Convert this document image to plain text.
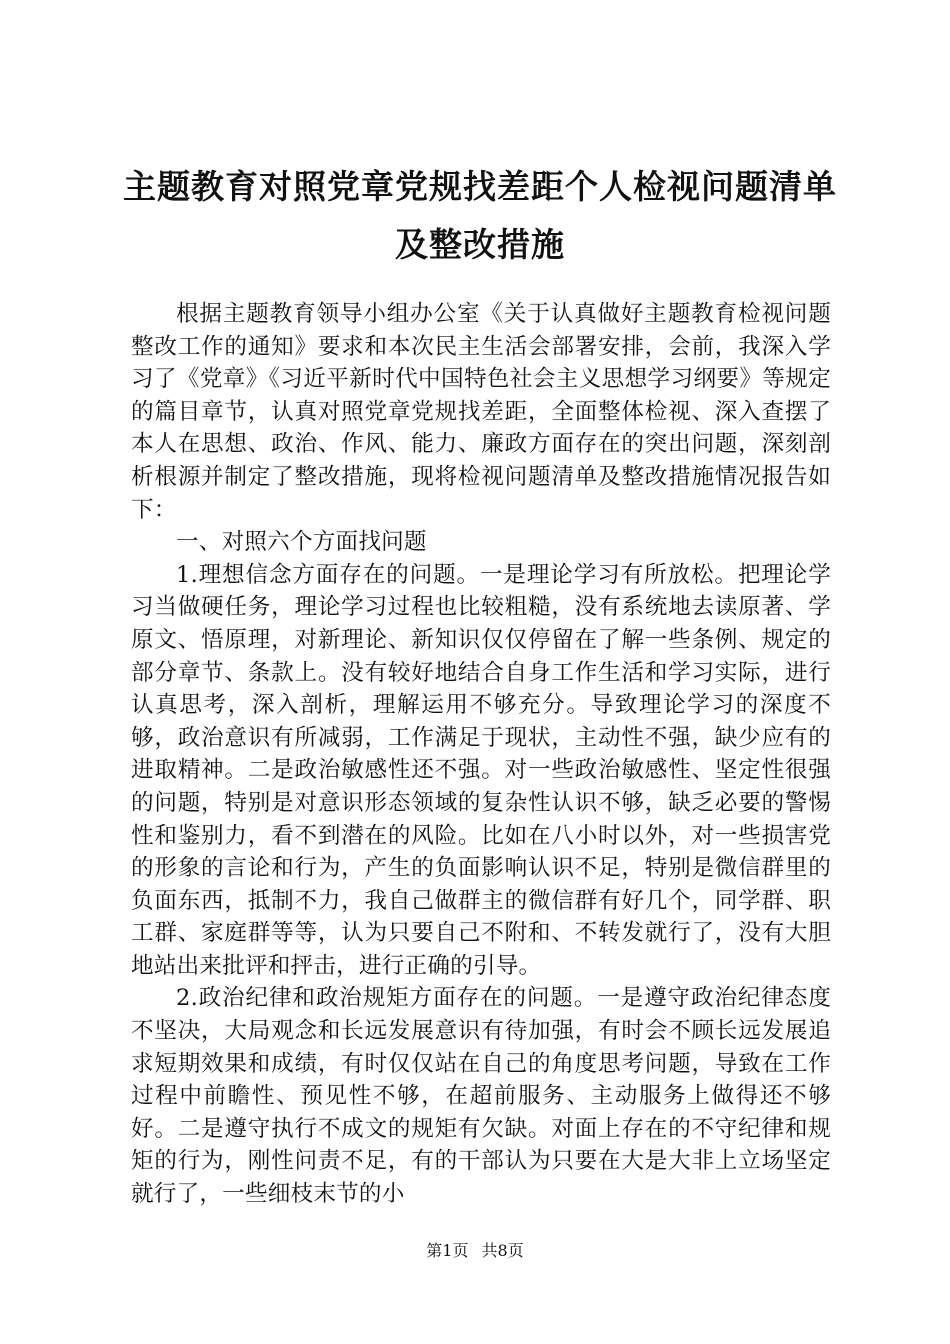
主题教育对照党章党规找差距个人检视问题清单及整改措施

根据主题教育领导小组办公室《关于认真做好主题教育检视问题整改工作的通知》要求和本次民主生活会部署安排，会前，我深入学习了《党章》《习近平新时代中国特色社会主义思想学习纲要》等规定的篇目章节，认真对照党章党规找差距，全面整体检视、深入查摆了本人在思想、政治、作风、能力、廉政方面存在的突出问题，深刻剖析根源并制定了整改措施，现将检视问题清单及整改措施情况报告如下：

一、对照六个方面找问题

1.理想信念方面存在的问题。一是理论学习有所放松。把理论学习当做硬任务，理论学习过程也比较粗糙，没有系统地去读原著、学原文、悟原理，对新理论、新知识仅仅停留在了解一些条例、规定的部分章节、条款上。没有较好地结合自身工作生活和学习实际，进行认真思考，深入剖析，理解运用不够充分。导致理论学习的深度不够，政治意识有所减弱，工作满足于现状，主动性不强，缺少应有的进取精神。二是政治敏感性还不强。对一些政治敏感性、坚定性很强的问题，特别是对意识形态领域的复杂性认识不够，缺乏必要的警惕性和鉴别力，看不到潜在的风险。比如在八小时以外，对一些损害党的形象的言论和行为，产生的负面影响认识不足，特别是微信群里的负面东西，抵制不力，我自己做群主的微信群有好几个，同学群、职工群、家庭群等等，认为只要自己不附和、不转发就行了，没有大胆地站出来批评和抨击，进行正确的引导。

2.政治纪律和政治规矩方面存在的问题。一是遵守政治纪律态度不坚决，大局观念和长远发展意识有待加强，有时会不顾长远发展追求短期效果和成绩，有时仅仅站在自己的角度思考问题，导致在工作过程中前瞻性、预见性不够，在超前服务、主动服务上做得还不够好。二是遵守执行不成文的规矩有欠缺。对面上存在的不守纪律和规矩的行为，刚性问责不足，有的干部认为只要在大是大非上立场坚定就行了，一些细枝末节的小

第1页 共8页
